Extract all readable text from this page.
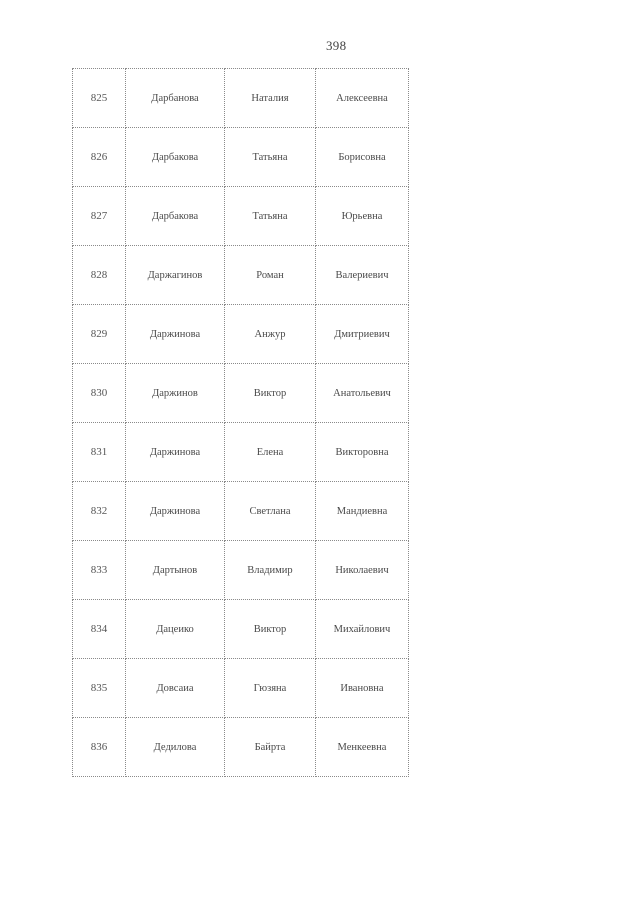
398
825	Дарбанова	Наталия	Алексеевна
826	Дарбакова	Татьяна	Борисовна
827	Дарбакова	Татьяна	Юрьевна
828	Даржагинов	Роман	Валериевич
829	Даржинова	Анжур	Дмитриевич
830	Даржинов	Виктор	Анатольевич
831	Даржинова	Елена	Викторовна
832	Даржинова	Светлана	Мандиевна
833	Дартынов	Владимир	Николаевич
834	Дацеико	Виктор	Михайлович
835	Довсаиа	Гюзяна	Ивановна
836	Дедилова	Байрта	Менкеевна
